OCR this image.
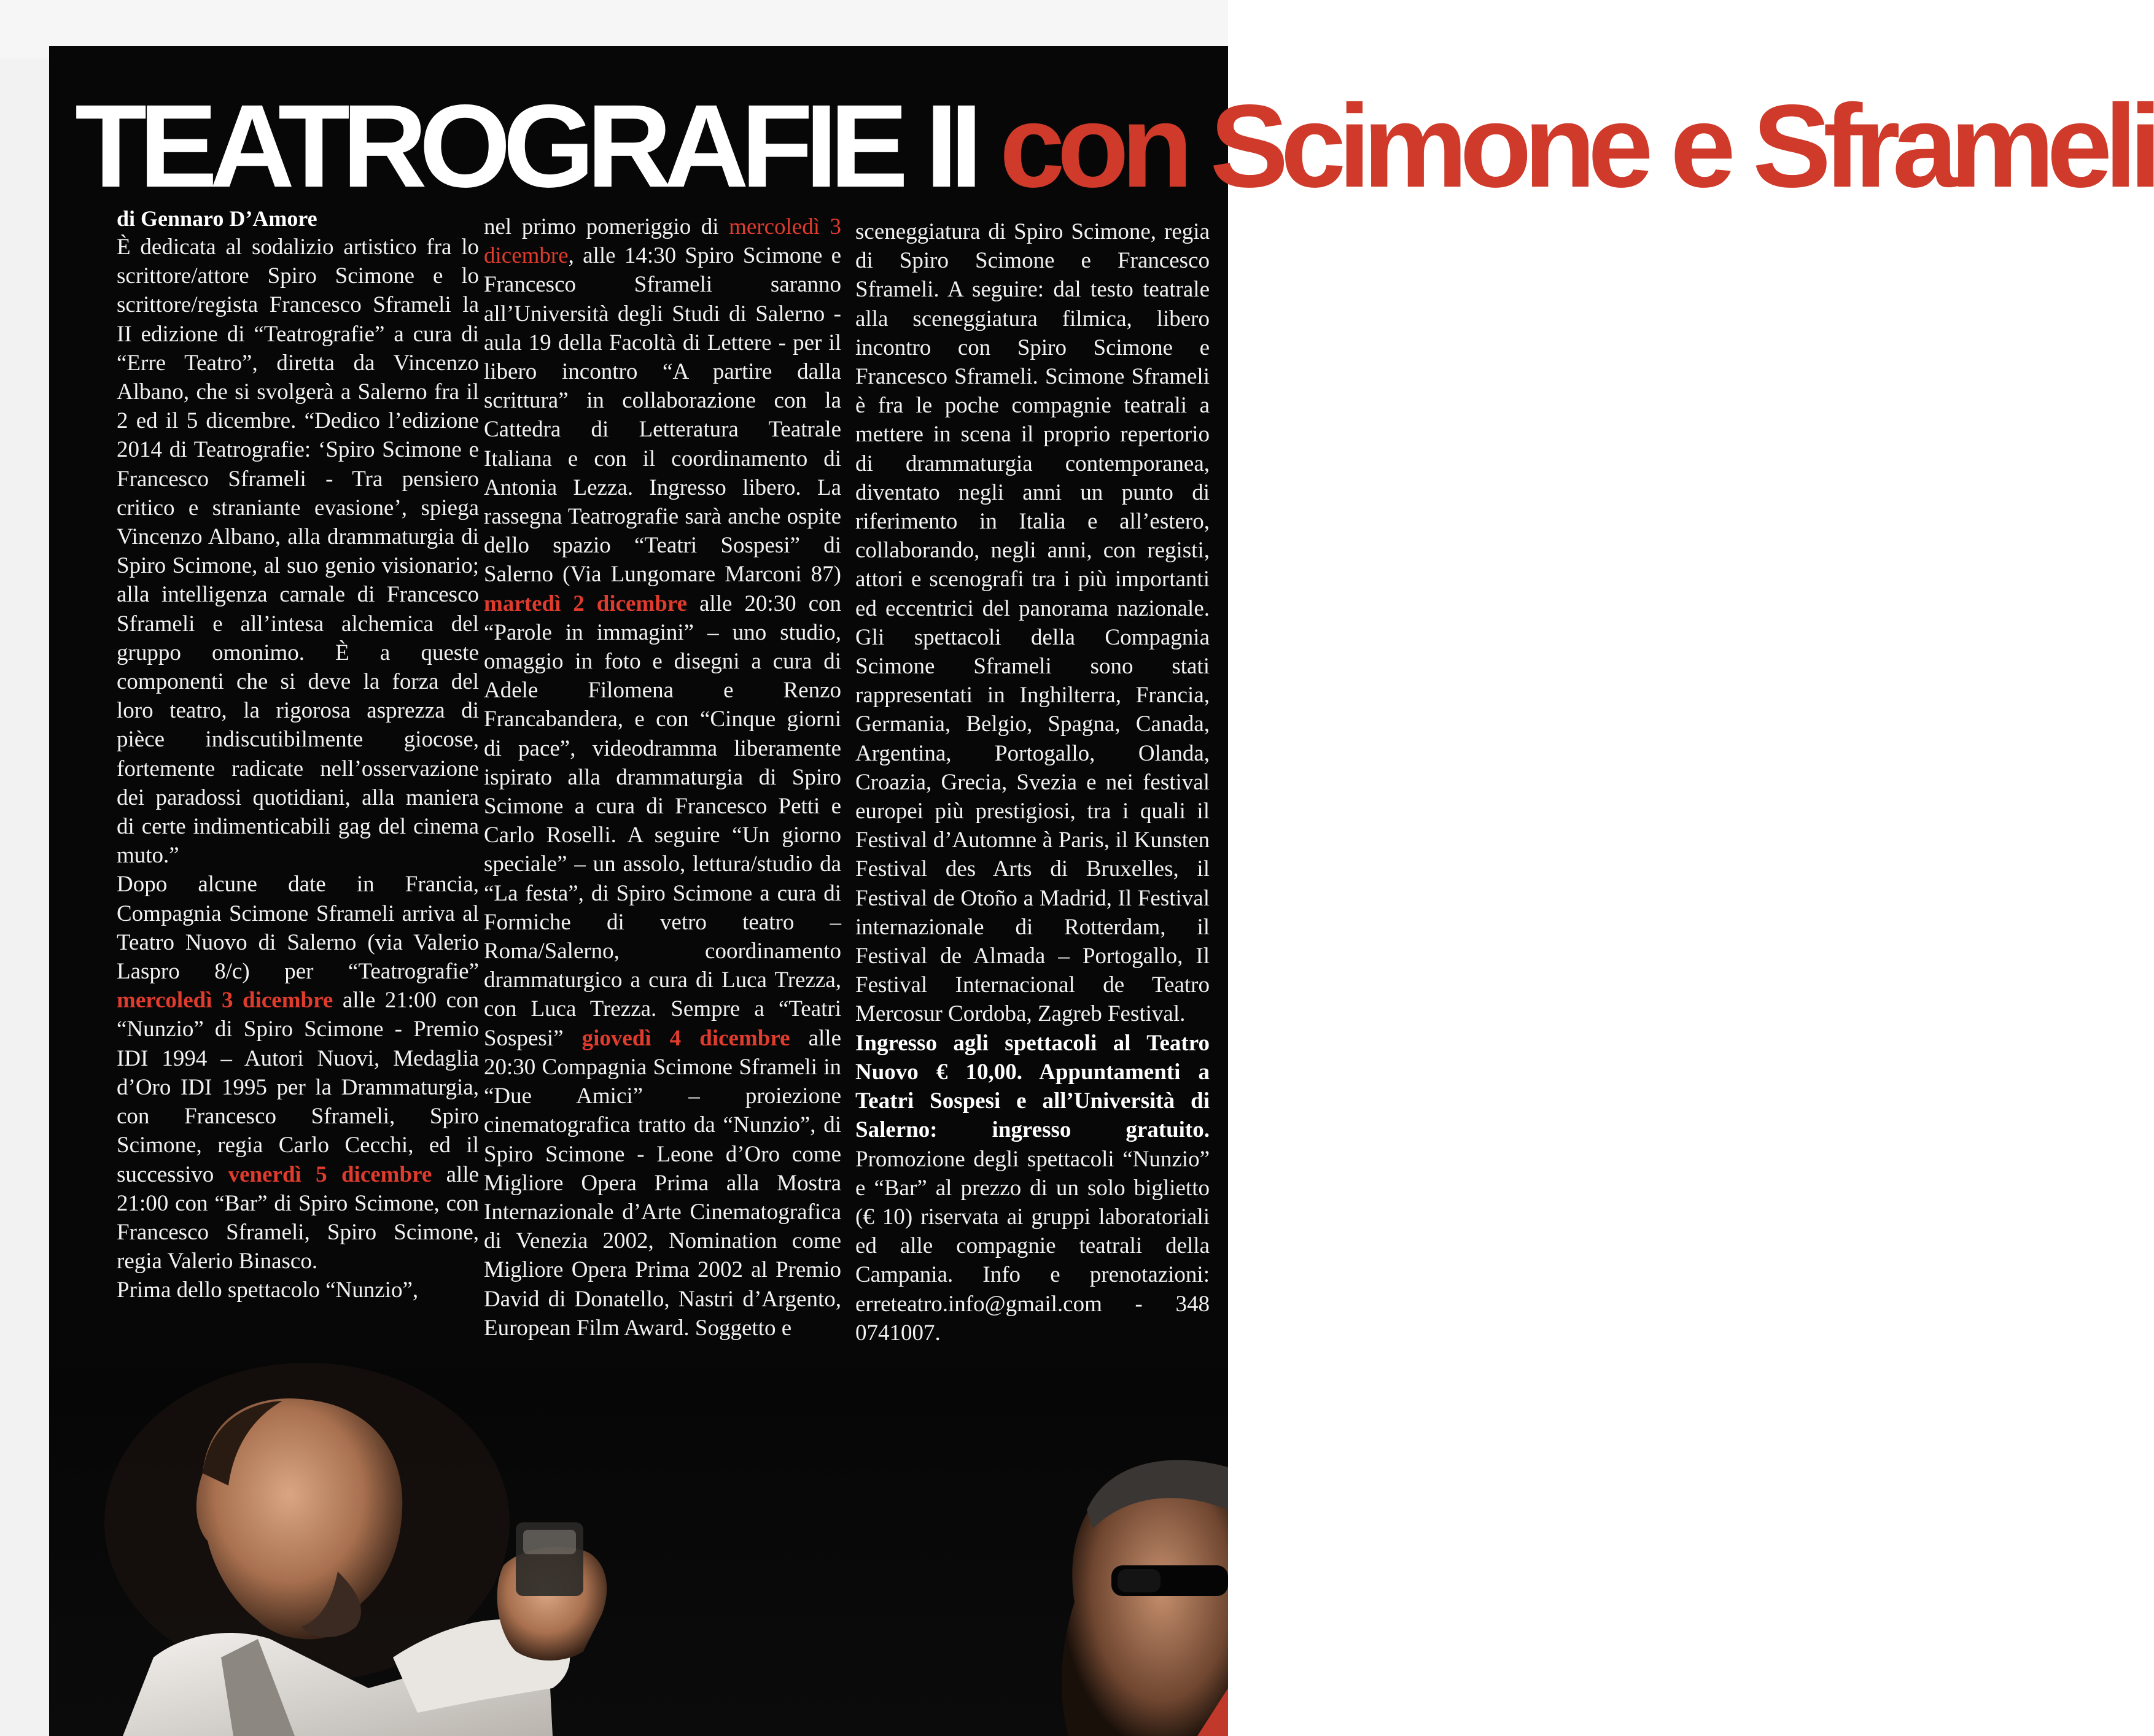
TEATROGRAFIE II con Scimone e Sframeli
di Gennaro D’Amore

È dedicata al sodalizio artistico fra lo scrittore/attore Spiro Scimone e lo scrittore/regista Francesco Sframeli la II edizione di “Teatrografie” a cura di “Erre Teatro”, diretta da Vincenzo Albano, che si svolgerà a Salerno fra il 2 ed il 5 dicembre. “Dedico l’edizione 2014 di Teatrografie: ‘Spiro Scimone e Francesco Sframeli - Tra pensiero critico e straniante evasione’, spiega Vincenzo Albano, alla drammaturgia di Spiro Scimone, al suo genio visionario; alla intelligenza carnale di Francesco Sframeli e all’intesa alchemica del gruppo omonimo. È a queste componenti che si deve la forza del loro teatro, la rigorosa asprezza di pièce indiscutibilmente giocose, fortemente radicate nell’osservazione dei paradossi quotidiani, alla maniera di certe indimenticabili gag del cinema muto.”

Dopo alcune date in Francia, Compagnia Scimone Sframeli arriva al Teatro Nuovo di Salerno (via Valerio Laspro 8/c) per “Teatrografie” mercoledì 3 dicembre alle 21:00 con “Nunzio” di Spiro Scimone - Premio IDI 1994 – Autori Nuovi, Medaglia d’Oro IDI 1995 per la Drammaturgia, con Francesco Sframeli, Spiro Scimone, regia Carlo Cecchi, ed il successivo venerdì 5 dicembre alle 21:00 con “Bar” di Spiro Scimone, con Francesco Sframeli, Spiro Scimone, regia Valerio Binasco.

Prima dello spettacolo “Nunzio”,

nel primo pomeriggio di mercoledì 3 dicembre, alle 14:30 Spiro Scimone e Francesco Sframeli saranno all’Università degli Studi di Salerno - aula 19 della Facoltà di Lettere - per il libero incontro “A partire dalla scrittura” in collaborazione con la Cattedra di Letteratura Teatrale Italiana e con il coordinamento di Antonia Lezza. Ingresso libero. La rassegna Teatrografie sarà anche ospite dello spazio “Teatri Sospesi” di Salerno (Via Lungomare Marconi 87) martedì 2 dicembre alle 20:30 con “Parole in immagini” – uno studio, omaggio in foto e disegni a cura di Adele Filomena e Renzo Francabandera, e con “Cinque giorni di pace”, videodramma liberamente ispirato alla drammaturgia di Spiro Scimone a cura di Francesco Petti e Carlo Roselli. A seguire “Un giorno speciale” – un assolo, lettura/studio da “La festa”, di Spiro Scimone a cura di Formiche di vetro teatro – Roma/Salerno, coordinamento drammaturgico a cura di Luca Trezza, con Luca Trezza. Sempre a “Teatri Sospesi” giovedì 4 dicembre alle 20:30 Compagnia Scimone Sframeli in “Due Amici” – proiezione cinematografica tratto da “Nunzio”, di Spiro Scimone - Leone d’Oro come Migliore Opera Prima alla Mostra Internazionale d’Arte Cinematografica di Venezia 2002, Nomination come Migliore Opera Prima 2002 al Premio David di Donatello, Nastri d’Argento, European Film Award. Soggetto e

sceneggiatura di Spiro Scimone, regia di Spiro Scimone e Francesco Sframeli. A seguire: dal testo teatrale alla sceneggiatura filmica, libero incontro con Spiro Scimone e Francesco Sframeli. Scimone Sframeli è fra le poche compagnie teatrali a mettere in scena il proprio repertorio di drammaturgia contemporanea, diventato negli anni un punto di riferimento in Italia e all’estero, collaborando, negli anni, con registi, attori e scenografi tra i più importanti ed eccentrici del panorama nazionale. Gli spettacoli della Compagnia Scimone Sframeli sono stati rappresentati in Inghilterra, Francia, Germania, Belgio, Spagna, Canada, Argentina, Portogallo, Olanda, Croazia, Grecia, Svezia e nei festival europei più prestigiosi, tra i quali il Festival d’Automne à Paris, il Kunsten Festival des Arts di Bruxelles, il Festival de Otoño a Madrid, Il Festival internazionale di Rotterdam, il Festival de Almada – Portogallo, Il Festival Internacional de Teatro Mercosur Cordoba, Zagreb Festival.

Ingresso agli spettacoli al Teatro Nuovo € 10,00. Appuntamenti a Teatri Sospesi e all’Università di Salerno: ingresso gratuito. Promozione degli spettacoli “Nunzio” e “Bar” al prezzo di un solo biglietto (€ 10) riservata ai gruppi laboratoriali ed alle compagnie teatrali della Campania. Info e prenotazioni: erreteatro.info@gmail.com - 348 0741007.
